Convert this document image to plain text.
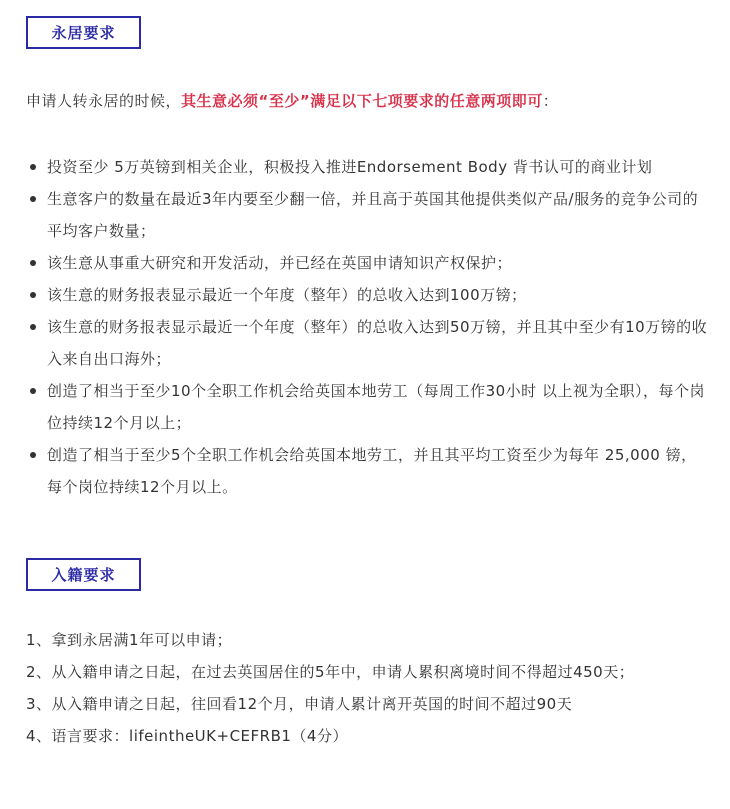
永居要求
申请人转永居的时候，其生意必须“至少”满足以下七项要求的任意两项即可：
投资至少 5万英镑到相关企业，积极投入推进Endorsement Body 背书认可的商业计划
生意客户的数量在最近3年内要至少翻一倍，并且高于英国其他提供类似产品/服务的竞争公司的平均客户数量；
该生意从事重大研究和开发活动，并已经在英国申请知识产权保护；
该生意的财务报表显示最近一个年度（整年）的总收入达到100万镑；
该生意的财务报表显示最近一个年度（整年）的总收入达到50万镑，并且其中至少有10万镑的收入来自出口海外；
创造了相当于至少10个全职工作机会给英国本地劳工（每周工作30小时 以上视为全职），每个岗位持续12个月以上；
创造了相当于至少5个全职工作机会给英国本地劳工，并且其平均工资至少为每年 25,000 镑，每个岗位持续12个月以上。
入籍要求
1、拿到永居满1年可以申请；
2、从入籍申请之日起，在过去英国居住的5年中，申请人累积离境时间不得超过450天；
3、从入籍申请之日起，往回看12个月，申请人累计离开英国的时间不超过90天
4、语言要求：lifeintheUK+CEFRB1（4分）
